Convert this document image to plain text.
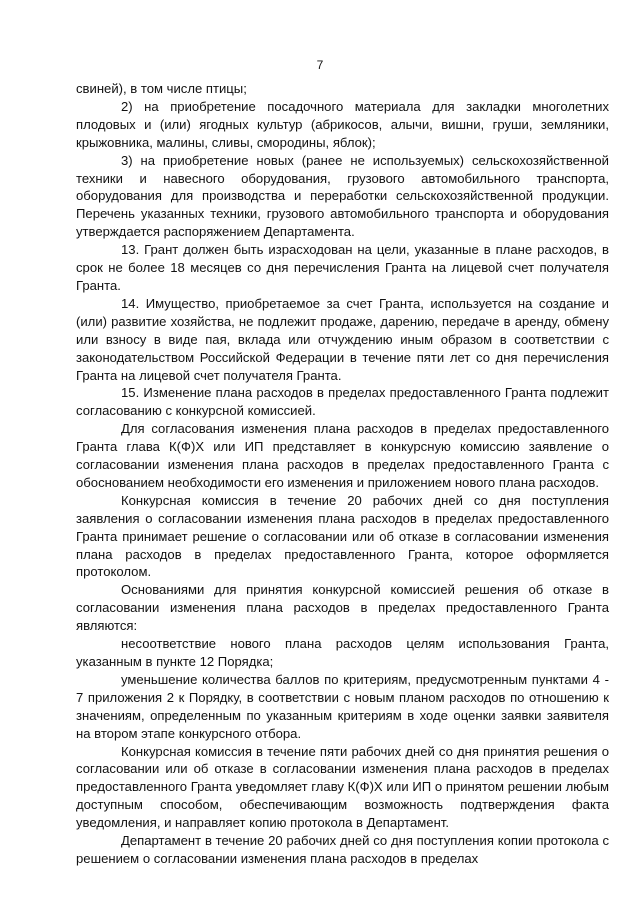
7

свиней), в том числе птицы;

2) на приобретение посадочного материала для закладки многолетних плодовых и (или) ягодных культур (абрикосов, алычи, вишни, груши, земляники, крыжовника, малины, сливы, смородины, яблок);

3) на приобретение новых (ранее не используемых) сельскохозяйственной техники и навесного оборудования, грузового автомобильного транспорта, оборудования для производства и переработки сельскохозяйственной продукции. Перечень указанных техники, грузового автомобильного транспорта и оборудования утверждается распоряжением Департамента.

13. Грант должен быть израсходован на цели, указанные в плане расходов, в срок не более 18 месяцев со дня перечисления Гранта на лицевой счет получателя Гранта.

14. Имущество, приобретаемое за счет Гранта, используется на создание и (или) развитие хозяйства, не подлежит продаже, дарению, передаче в аренду, обмену или взносу в виде пая, вклада или отчуждению иным образом в соответствии с законодательством Российской Федерации в течение пяти лет со дня перечисления Гранта на лицевой счет получателя Гранта.

15. Изменение плана расходов в пределах предоставленного Гранта подлежит согласованию с конкурсной комиссией.

Для согласования изменения плана расходов в пределах предоставленного Гранта глава К(Ф)Х или ИП представляет в конкурсную комиссию заявление о согласовании изменения плана расходов в пределах предоставленного Гранта с обоснованием необходимости его изменения и приложением нового плана расходов.

Конкурсная комиссия в течение 20 рабочих дней со дня поступления заявления о согласовании изменения плана расходов в пределах предоставленного Гранта принимает решение о согласовании или об отказе в согласовании изменения плана расходов в пределах предоставленного Гранта, которое оформляется протоколом.

Основаниями для принятия конкурсной комиссией решения об отказе в согласовании изменения плана расходов в пределах предоставленного Гранта являются:

несоответствие нового плана расходов целям использования Гранта, указанным в пункте 12 Порядка;

уменьшение количества баллов по критериям, предусмотренным пунктами 4 - 7 приложения 2 к Порядку, в соответствии с новым планом расходов по отношению к значениям, определенным по указанным критериям в ходе оценки заявки заявителя на втором этапе конкурсного отбора.

Конкурсная комиссия в течение пяти рабочих дней со дня принятия решения о согласовании или об отказе в согласовании изменения плана расходов в пределах предоставленного Гранта уведомляет главу К(Ф)Х или ИП о принятом решении любым доступным способом, обеспечивающим возможность подтверждения факта уведомления, и направляет копию протокола в Департамент.

Департамент в течение 20 рабочих дней со дня поступления копии протокола с решением о согласовании изменения плана расходов в пределах
